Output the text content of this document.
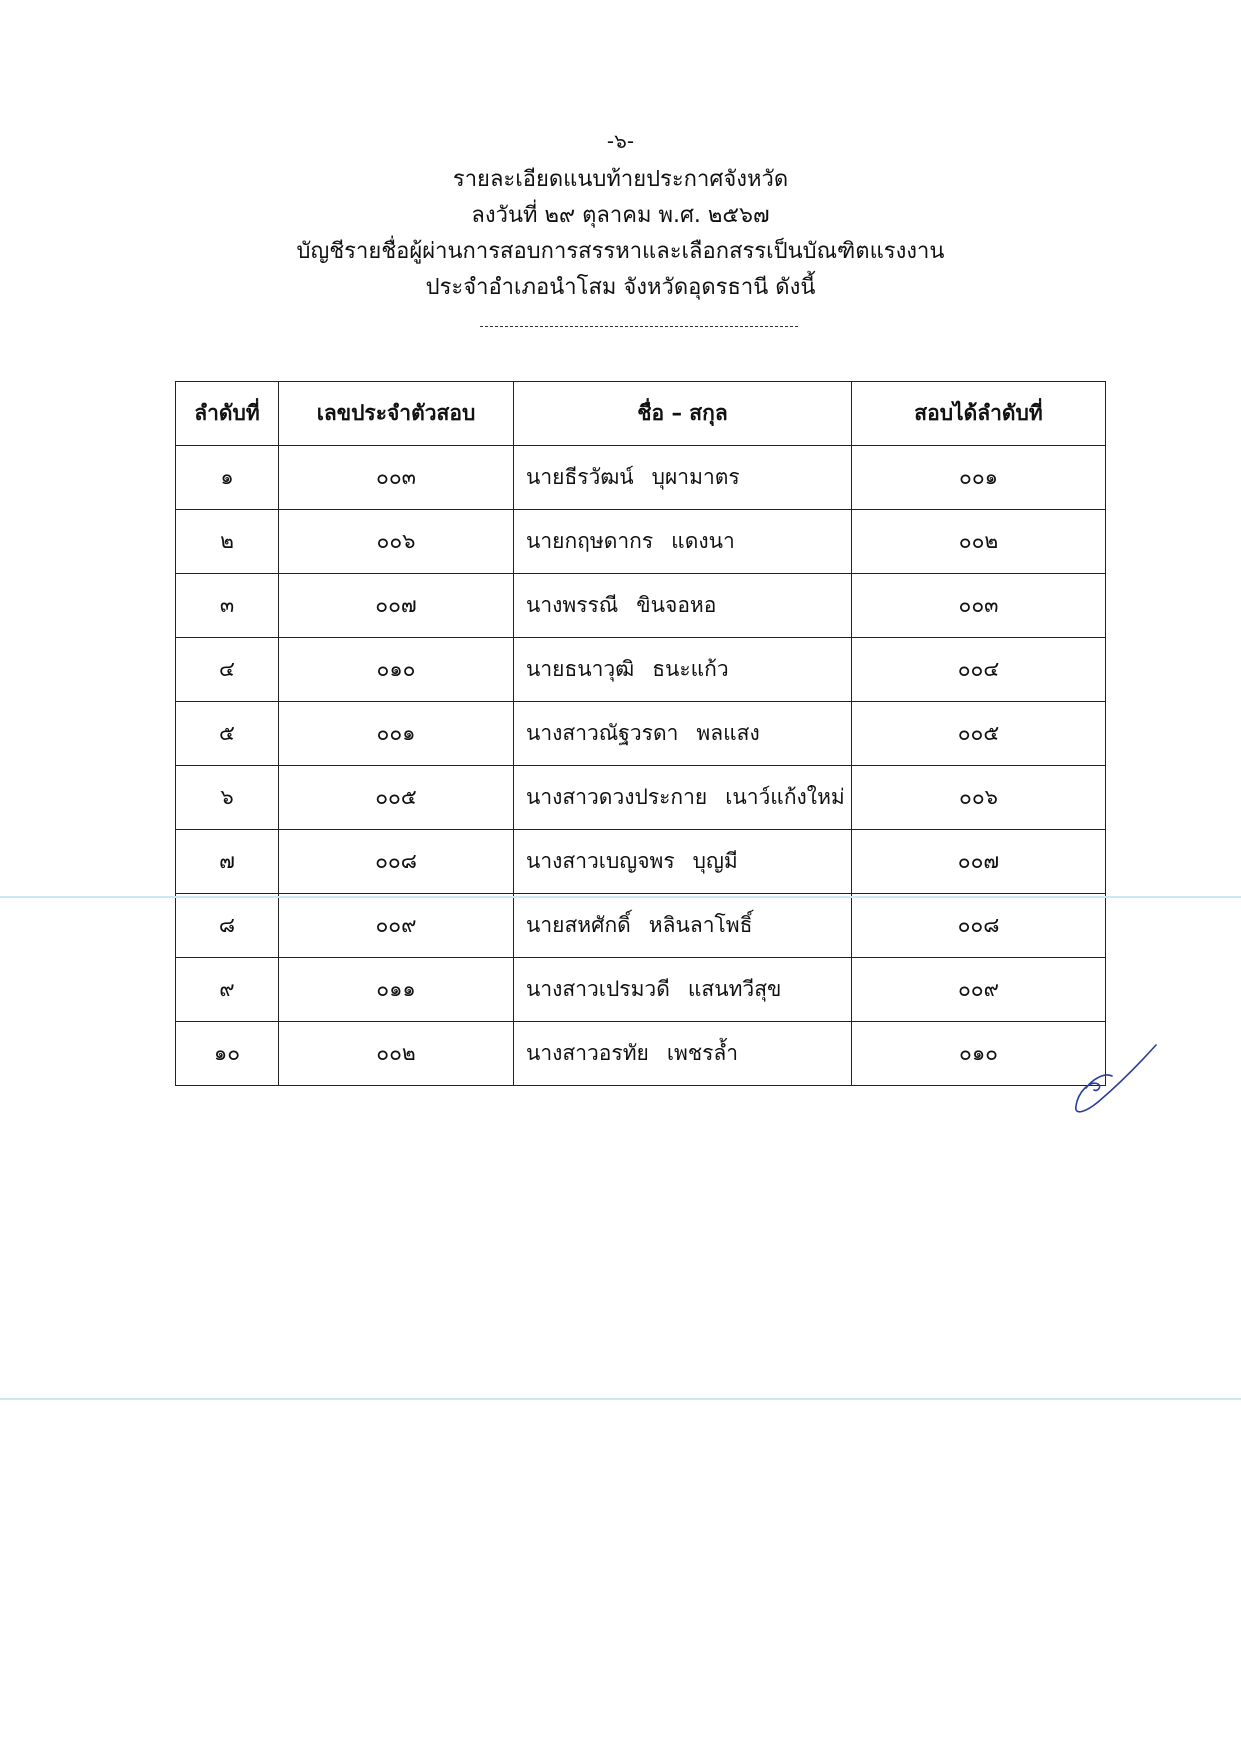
-๖-
รายละเอียดแนบท้ายประกาศจังหวัด
ลงวันที่ ๒๙ ตุลาคม พ.ศ. ๒๕๖๗
บัญชีรายชื่อผู้ผ่านการสอบการสรรหาและเลือกสรรเป็นบัณฑิตแรงงาน
ประจำอำเภอนำโสม จังหวัดอุดรธานี ดังนี้
ลำดับที่	เลขประจำตัวสอบ	ชื่อ – สกุล	สอบได้ลำดับที่
๑	๐๐๓	นายธีรวัฒน์ บุผามาตร	๐๐๑
๒	๐๐๖	นายกฤษดากร แดงนา	๐๐๒
๓	๐๐๗	นางพรรณี ขินจอหอ	๐๐๓
๔	๐๑๐	นายธนาวุฒิ ธนะแก้ว	๐๐๔
๕	๐๐๑	นางสาวณัฐวรดา พลแสง	๐๐๕
๖	๐๐๕	นางสาวดวงประกาย เนาว์แก้งใหม่	๐๐๖
๗	๐๐๘	นางสาวเบญจพร บุญมี	๐๐๗
๘	๐๐๙	นายสหศักดิ์ หลินลาโพธิ์	๐๐๘
๙	๐๑๑	นางสาวเปรมวดี แสนทวีสุข	๐๐๙
๑๐	๐๐๒	นางสาวอรทัย เพชรล้ำ	๐๑๐
